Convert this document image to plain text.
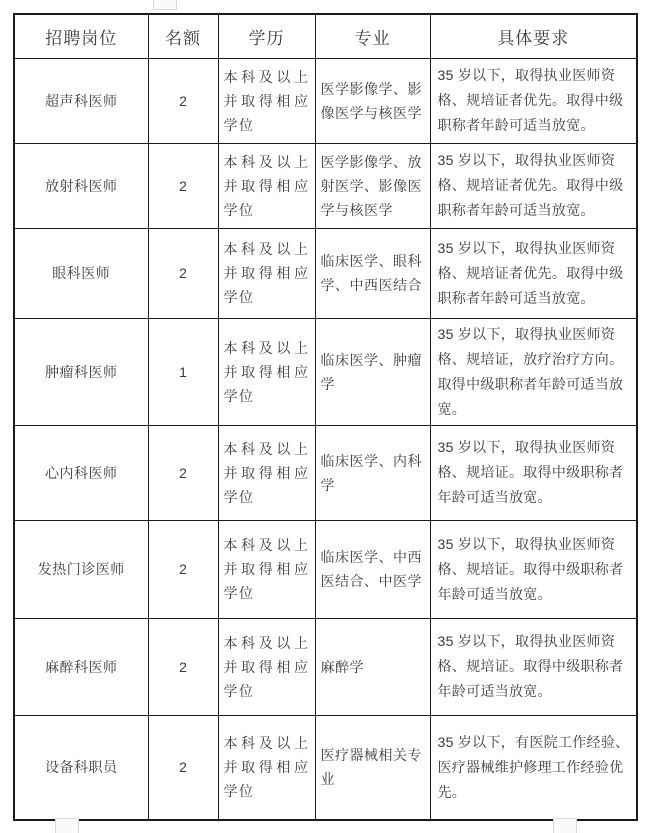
招聘岗位	名额	学历	专业	具体要求
超声科医师	2	本科及以上并取得相应学位	医学影像学、影像医学与核医学	35 岁以下，取得执业医师资格、规培证者优先。取得中级职称者年龄可适当放宽。
放射科医师	2	本科及以上并取得相应学位	医学影像学、放射医学、影像医学与核医学	35 岁以下，取得执业医师资格、规培证者优先。取得中级职称者年龄可适当放宽。
眼科医师	2	本科及以上并取得相应学位	临床医学、眼科学、中西医结合	35 岁以下，取得执业医师资格、规培证者优先。取得中级职称者年龄可适当放宽。
肿瘤科医师	1	本科及以上并取得相应学位	临床医学、肿瘤学	35 岁以下，取得执业医师资格、规培证，放疗治疗方向。取得中级职称者年龄可适当放宽。
心内科医师	2	本科及以上并取得相应学位	临床医学、内科学	35 岁以下，取得执业医师资格、规培证。取得中级职称者年龄可适当放宽。
发热门诊医师	2	本科及以上并取得相应学位	临床医学、中西医结合、中医学	35 岁以下，取得执业医师资格、规培证。取得中级职称者年龄可适当放宽。
麻醉科医师	2	本科及以上并取得相应学位	麻醉学	35 岁以下，取得执业医师资格、规培证。取得中级职称者年龄可适当放宽。
设备科职员	2	本科及以上并取得相应学位	医疗器械相关专业	35 岁以下，有医院工作经验、医疗器械维护修理工作经验优先。
